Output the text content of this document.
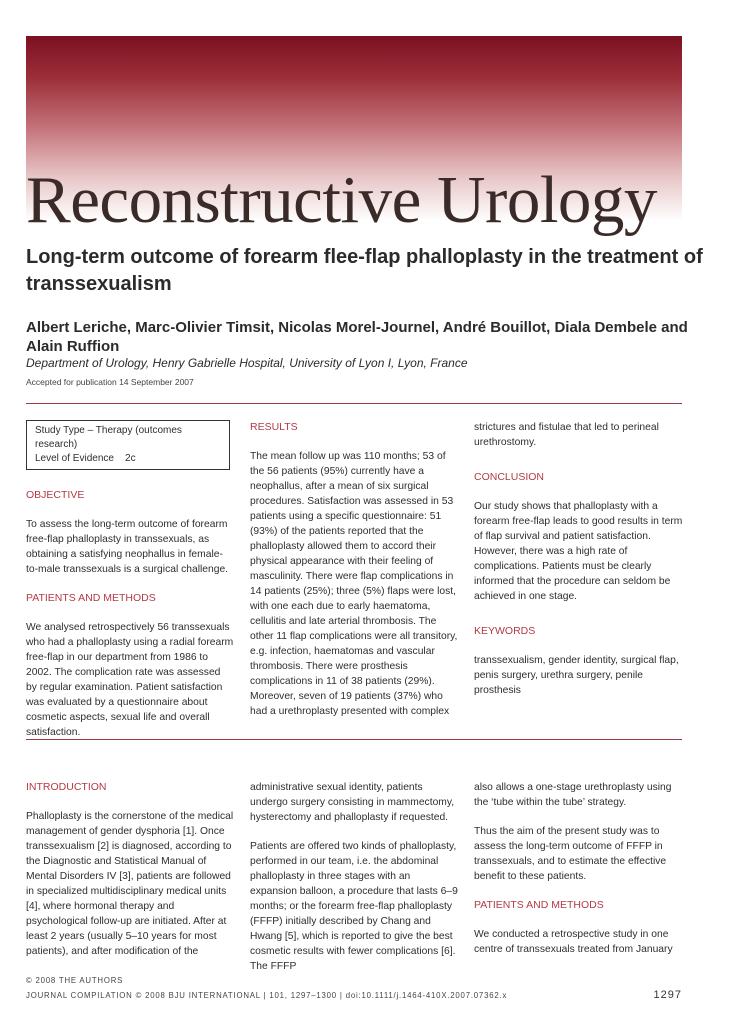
Reconstructive Urology
Long-term outcome of forearm flee-flap phalloplasty in the treatment of transsexualism
Albert Leriche, Marc-Olivier Timsit, Nicolas Morel-Journel, André Bouillot, Diala Dembele and Alain Ruffion
Department of Urology, Henry Gabrielle Hospital, University of Lyon I, Lyon, France
Accepted for publication 14 September 2007
Study Type – Therapy (outcomes research)
Level of Evidence    2c
OBJECTIVE

To assess the long-term outcome of forearm free-flap phalloplasty in transsexuals, as obtaining a satisfying neophallus in female-to-male transsexuals is a surgical challenge.

PATIENTS AND METHODS

We analysed retrospectively 56 transsexuals who had a phalloplasty using a radial forearm free-flap in our department from 1986 to 2002. The complication rate was assessed by regular examination. Patient satisfaction was evaluated by a questionnaire about cosmetic aspects, sexual life and overall satisfaction.

RESULTS

The mean follow up was 110 months; 53 of the 56 patients (95%) currently have a neophallus, after a mean of six surgical procedures. Satisfaction was assessed in 53 patients using a specific questionnaire: 51 (93%) of the patients reported that the phalloplasty allowed them to accord their physical appearance with their feeling of masculinity. There were flap complications in 14 patients (25%); three (5%) flaps were lost, with one each due to early haematoma, cellulitis and late arterial thrombosis. The other 11 flap complications were all transitory, e.g. infection, haematomas and vascular thrombosis. There were prosthesis complications in 11 of 38 patients (29%). Moreover, seven of 19 patients (37%) who had a urethroplasty presented with complex

strictures and fistulae that led to perineal urethrostomy.

CONCLUSION

Our study shows that phalloplasty with a forearm free-flap leads to good results in term of flap survival and patient satisfaction. However, there was a high rate of complications. Patients must be clearly informed that the procedure can seldom be achieved in one stage.

KEYWORDS

transsexualism, gender identity, surgical flap, penis surgery, urethra surgery, penile prosthesis

INTRODUCTION

Phalloplasty is the cornerstone of the medical management of gender dysphoria [1]. Once transsexualism [2] is diagnosed, according to the Diagnostic and Statistical Manual of Mental Disorders IV [3], patients are followed in specialized multidisciplinary medical units [4], where hormonal therapy and psychological follow-up are initiated. After at least 2 years (usually 5–10 years for most patients), and after modification of the

administrative sexual identity, patients undergo surgery consisting in mammectomy, hysterectomy and phalloplasty if requested.

Patients are offered two kinds of phalloplasty, performed in our team, i.e. the abdominal phalloplasty in three stages with an expansion balloon, a procedure that lasts 6–9 months; or the forearm free-flap phalloplasty (FFFP) initially described by Chang and Hwang [5], which is reported to give the best cosmetic results with fewer complications [6]. The FFFP

also allows a one-stage urethroplasty using the ‘tube within the tube’ strategy.

Thus the aim of the present study was to assess the long-term outcome of FFFP in transsexuals, and to estimate the effective benefit to these patients.

PATIENTS AND METHODS

We conducted a retrospective study in one centre of transsexuals treated from January

© 2008 THE AUTHORS
JOURNAL COMPILATION © 2008 BJU INTERNATIONAL | 101, 1297–1300 | doi:10.1111/j.1464-410X.2007.07362.x	1297
